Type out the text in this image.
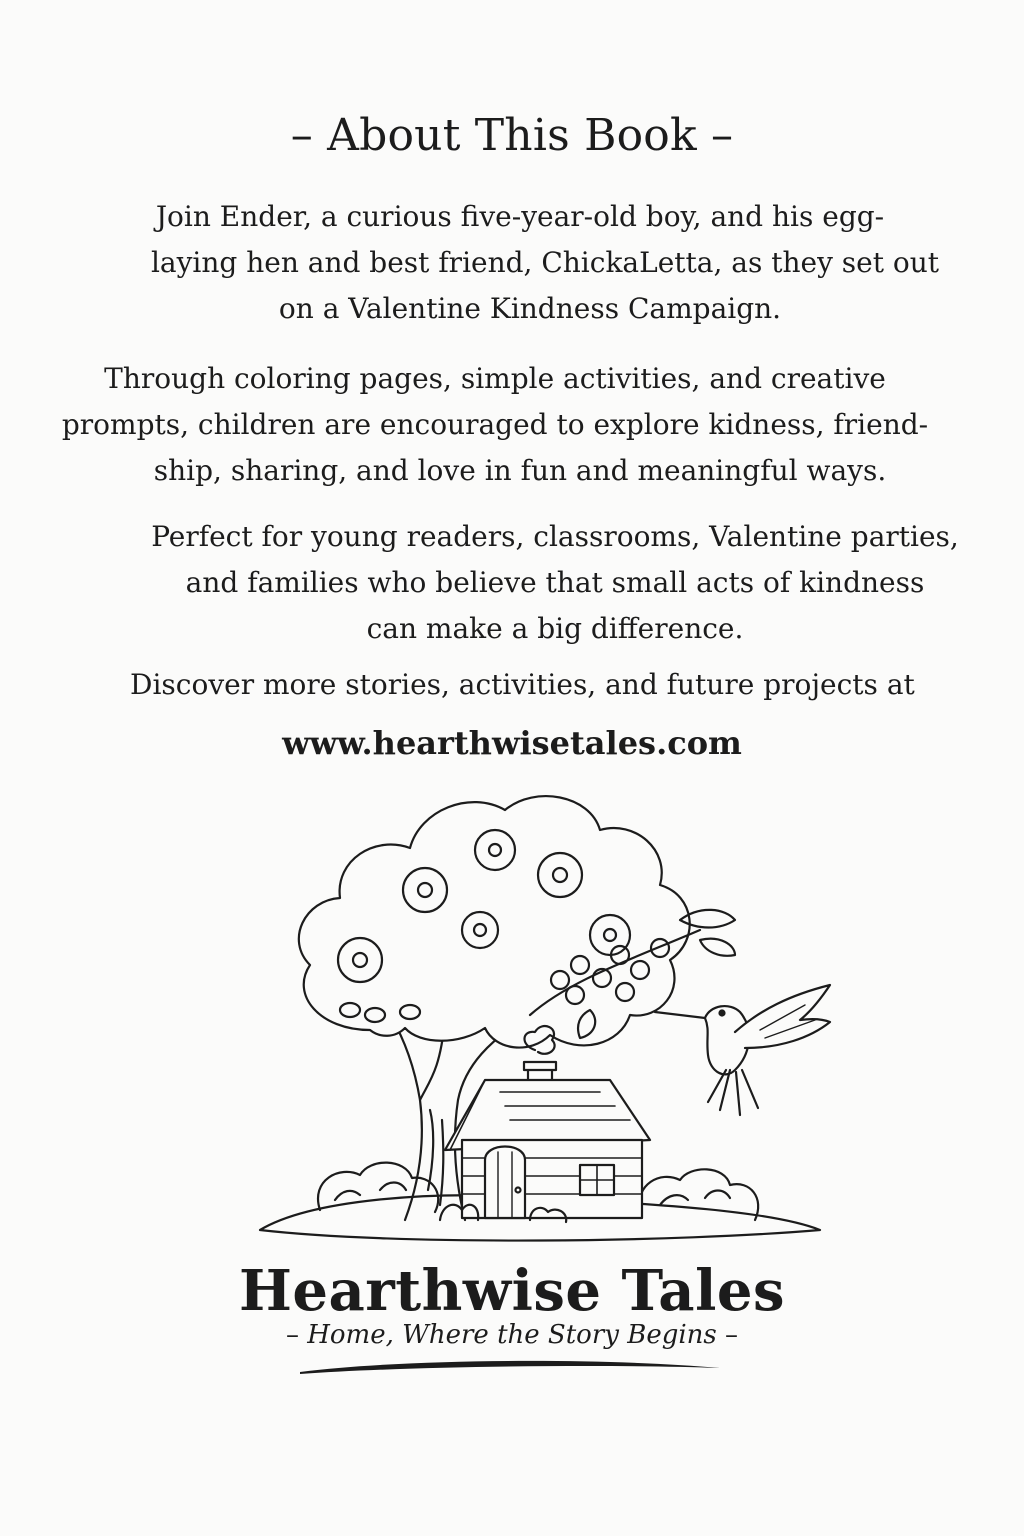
– About This Book –
Join Ender, a curious five-year-old boy, and his egg-
laying hen and best friend, ChickaLetta, as they set out
on a Valentine Kindness Campaign.
Through coloring pages, simple activities, and creative
prompts, children are encouraged to explore kidness, friend-
ship, sharing, and love in fun and meaningful ways.
Perfect for young readers, classrooms, Valentine parties,
and families who believe that small acts of kindness
can make a big difference.
Discover more stories, activities, and future projects at
www.hearthwisetales.com
Hearthwise Tales
– Home, Where the Story Begins –
